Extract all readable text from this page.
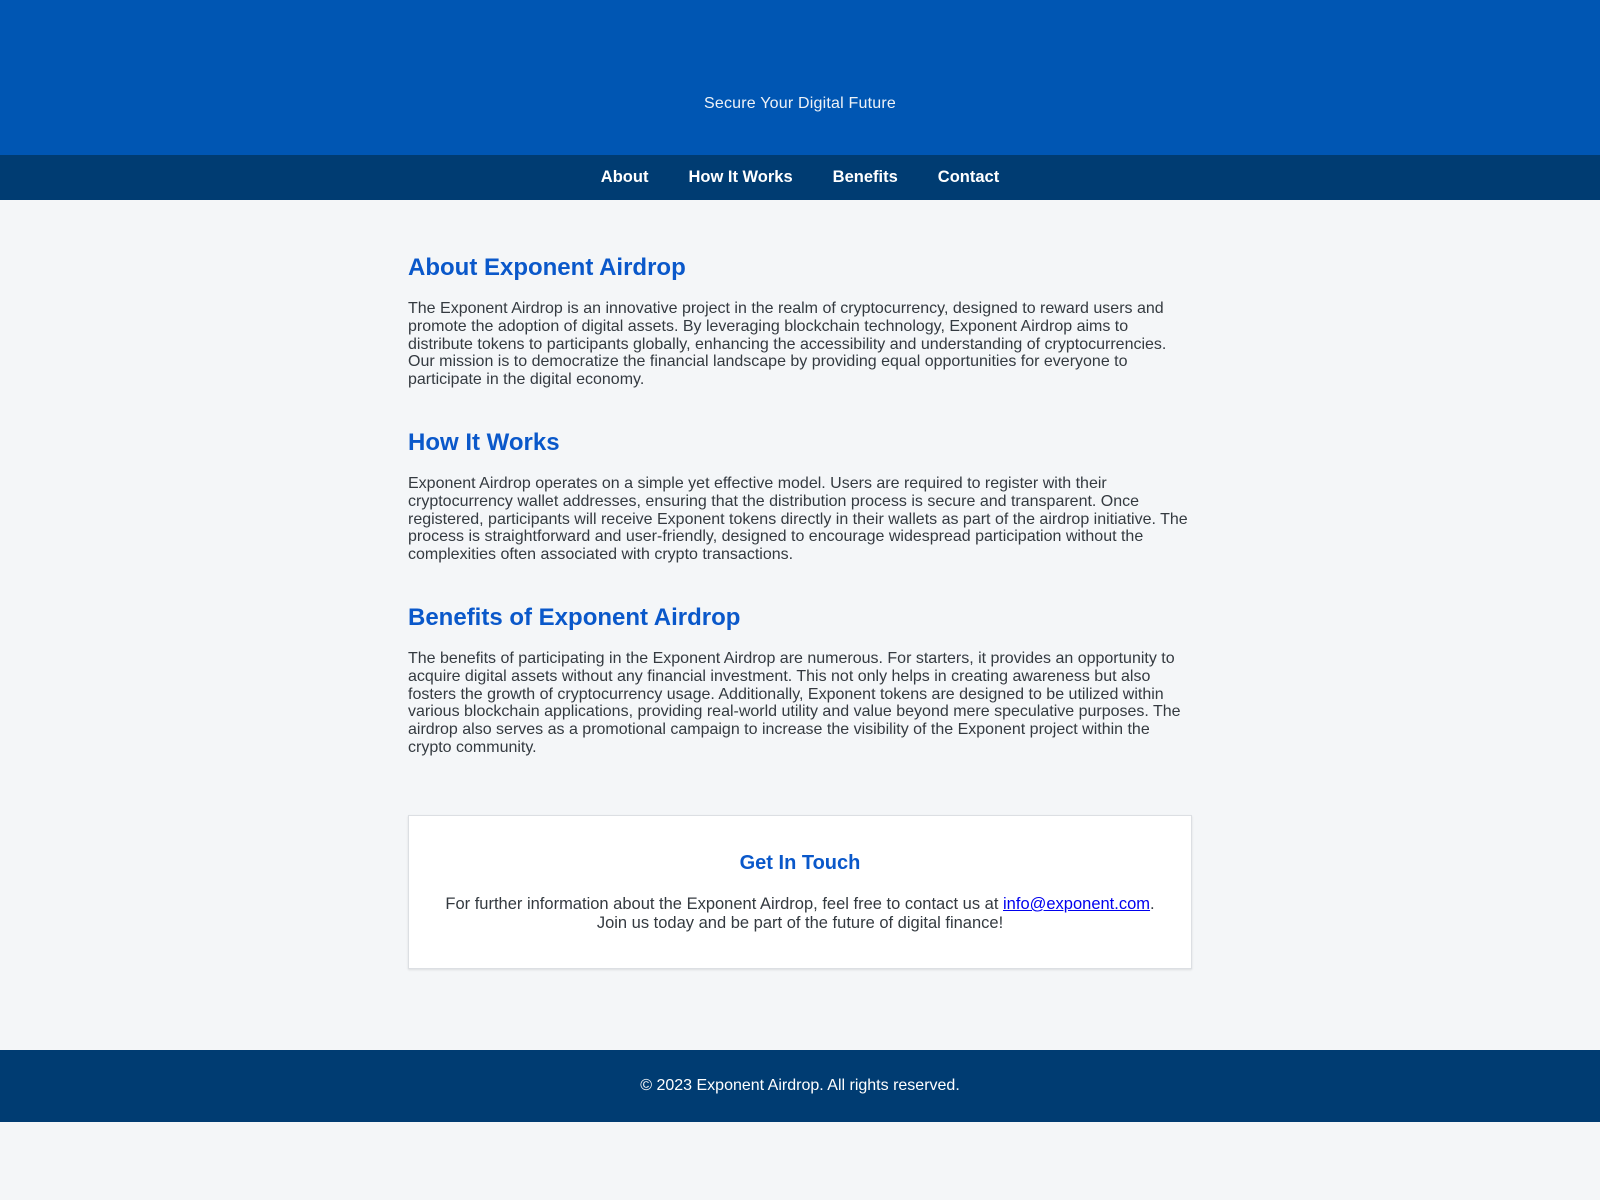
Secure Your Digital Future

About How It Works Benefits Contact
About Exponent Airdrop

The Exponent Airdrop is an innovative project in the realm of cryptocurrency, designed to reward users and promote the adoption of digital assets. By leveraging blockchain technology, Exponent Airdrop aims to distribute tokens to participants globally, enhancing the accessibility and understanding of cryptocurrencies. Our mission is to democratize the financial landscape by providing equal opportunities for everyone to participate in the digital economy.

How It Works

Exponent Airdrop operates on a simple yet effective model. Users are required to register with their cryptocurrency wallet addresses, ensuring that the distribution process is secure and transparent. Once registered, participants will receive Exponent tokens directly in their wallets as part of the airdrop initiative. The process is straightforward and user-friendly, designed to encourage widespread participation without the complexities often associated with crypto transactions.

Benefits of Exponent Airdrop

The benefits of participating in the Exponent Airdrop are numerous. For starters, it provides an opportunity to acquire digital assets without any financial investment. This not only helps in creating awareness but also fosters the growth of cryptocurrency usage. Additionally, Exponent tokens are designed to be utilized within various blockchain applications, providing real-world utility and value beyond mere speculative purposes. The airdrop also serves as a promotional campaign to increase the visibility of the Exponent project within the crypto community.

Get In Touch

For further information about the Exponent Airdrop, feel free to contact us at info@exponent.com. Join us today and be part of the future of digital finance!

© 2023 Exponent Airdrop. All rights reserved.
